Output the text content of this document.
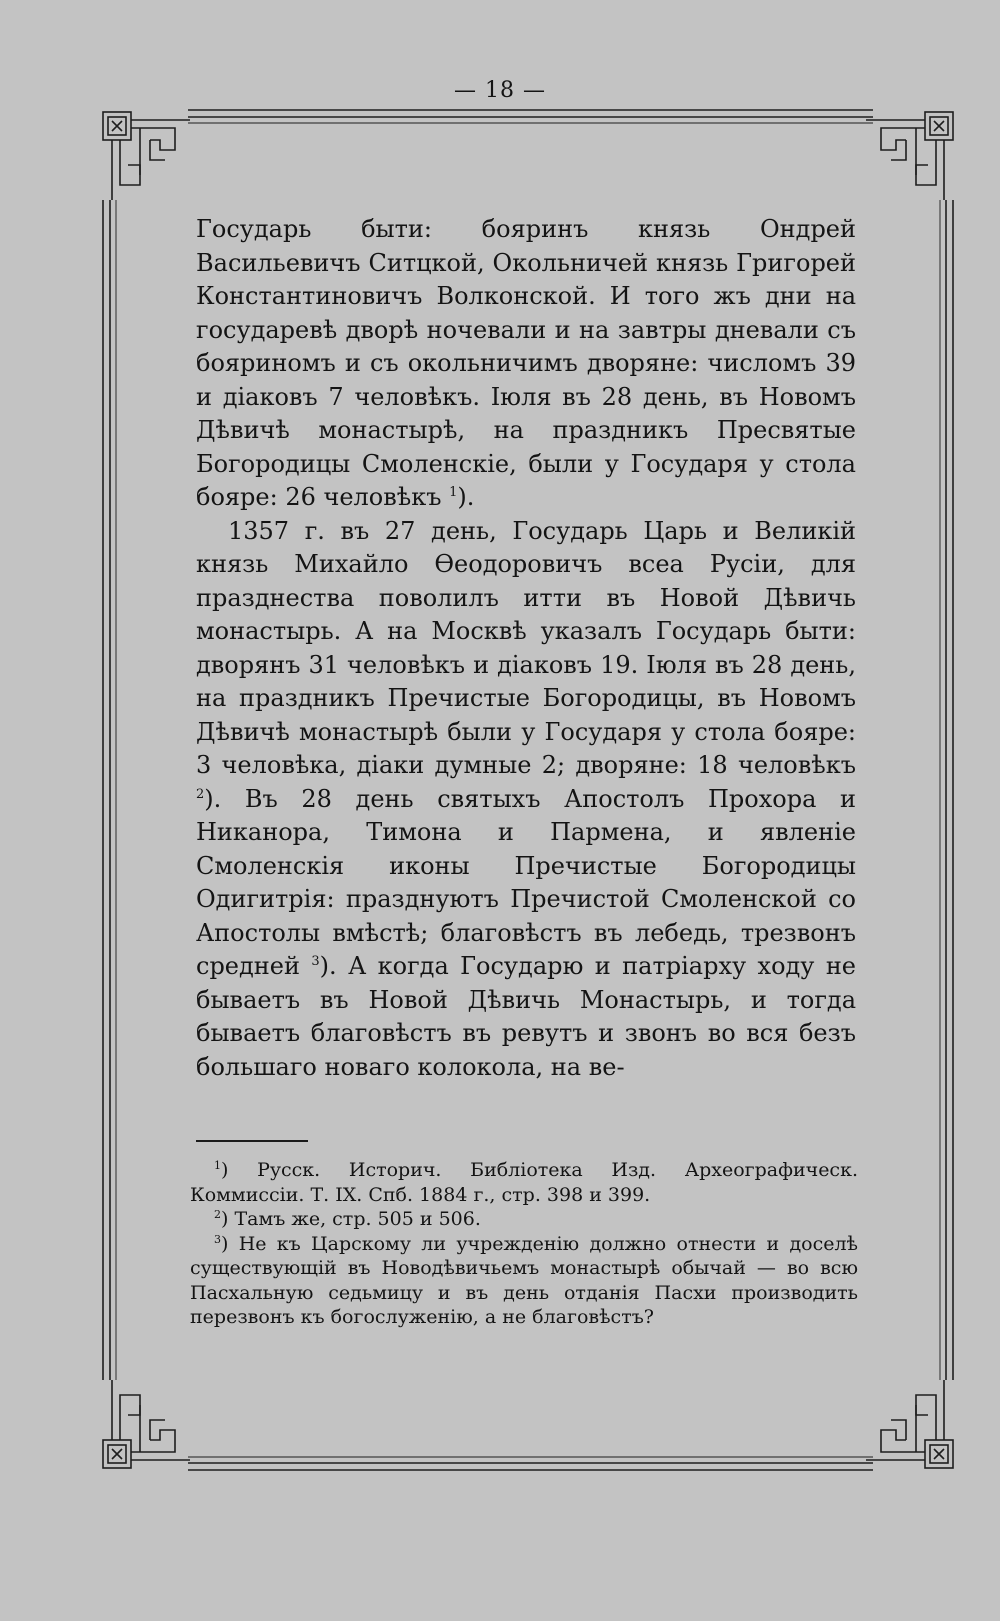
— 18 —

Государь быти: бояринъ князь Ондрей Васильевичъ Ситцкой, Окольничей князь Григорей Константиновичъ Волконской. И того жъ дни на государевѣ дворѣ ночевали и на завтры дневали съ бояриномъ и съ окольничимъ дворяне: числомъ 39 и діаковъ 7 человѣкъ. Іюля въ 28 день, въ Новомъ Дѣвичѣ монастырѣ, на праздникъ Пресвятые Богородицы Смоленскіе, были у Государя у стола бояре: 26 человѣкъ $^1$).

1357 г. въ 27 день, Государь Царь и Великій князь Михайло Ѳеодоровичъ всеа Русіи, для празднества поволилъ итти въ Новой Дѣвичь монастырь. А на Москвѣ указалъ Государь быти: дворянъ 31 человѣкъ и діаковъ 19. Іюля въ 28 день, на праздникъ Пречистые Богородицы, въ Новомъ Дѣвичѣ монастырѣ были у Государя у стола бояре: 3 человѣка, діаки думные 2; дворяне: 18 человѣкъ $^2$). Въ 28 день святыхъ Апостолъ Прохора и Никанора, Тимона и Пармена, и явленіе Смоленскія иконы Пречистые Богородицы Одигитрія: празднуютъ Пречистой Смоленской со Апостолы вмѣстѣ; благовѣстъ въ лебедь, трезвонъ средней $^3$). А когда Государю и патріарху ходу не бываетъ въ Новой Дѣвичь Монастырь, и тогда бываетъ благовѣстъ въ ревутъ и звонъ во вся безъ большаго новаго колокола, на ве-

$^1$) Русск. Историч. Библіотека Изд. Археографическ. Коммиссіи. Т. IX. Спб. 1884 г., стр. 398 и 399.

$^2$) Тамъ же, стр. 505 и 506.

$^3$) Не къ Царскому ли учрежденію должно отнести и доселѣ существующій въ Новодѣвичьемъ монастырѣ обычай — во всю Пасхальную седьмицу и въ день отданія Пасхи производить перезвонъ къ богослуженію, а не благовѣстъ?
